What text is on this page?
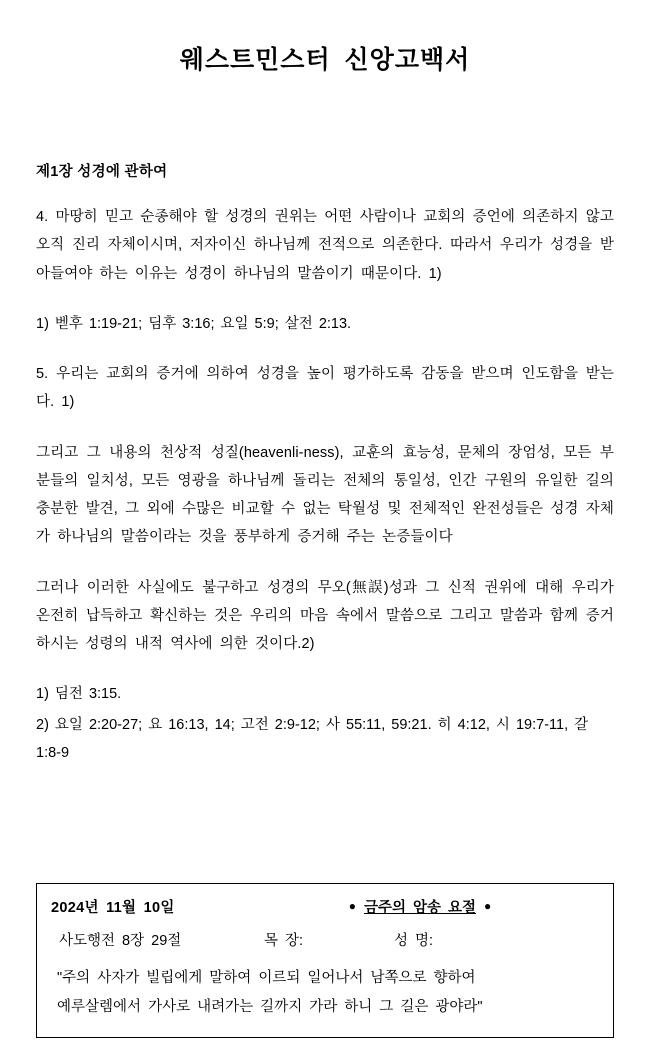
웨스트민스터 신앙고백서
제1장 성경에 관하여

4. 마땅히 믿고 순종해야 할 성경의 권위는 어떤 사람이나 교회의 증언에 의존하지 않고 오직 진리 자체이시며, 저자이신 하나님께 전적으로 의존한다. 따라서 우리가 성경을 받아들여야 하는 이유는 성경이 하나님의 말씀이기 때문이다. 1)

1) 벧후 1:19-21; 딤후 3:16; 요일 5:9; 살전 2:13.

5. 우리는 교회의 증거에 의하여 성경을 높이 평가하도록 감동을 받으며 인도함을 받는다. 1)

그리고 그 내용의 천상적 성질(heavenli-ness), 교훈의 효능성, 문체의 장엄성, 모든 부분들의 일치성, 모든 영광을 하나님께 돌리는 전체의 통일성, 인간 구원의 유일한 길의 충분한 발견, 그 외에 수많은 비교할 수 없는 탁월성 및 전체적인 완전성들은 성경 자체가 하나님의 말씀이라는 것을 풍부하게 증거해 주는 논증들이다

그러나 이러한 사실에도 불구하고 성경의 무오(無誤)성과 그 신적 권위에 대해 우리가 온전히 납득하고 확신하는 것은 우리의 마음 속에서 말씀으로 그리고 말씀과 함께 증거하시는 성령의 내적 역사에 의한 것이다.2)

1) 딤전 3:15.

2) 요일 2:20-27; 요 16:13, 14; 고전 2:9-12; 사 55:11, 59:21. 히 4:12, 시 19:7-11, 갈 1:8-9

2024년 11월 10일	● 금주의 암송 요절 ●
사도행전 8장 29절	목 장:	성 명:
"주의 사자가 빌립에게 말하여 이르되 일어나서 남쪽으로 향하여
예루살렘에서 가사로 내려가는 길까지 가라 하니 그 길은 광야라"
